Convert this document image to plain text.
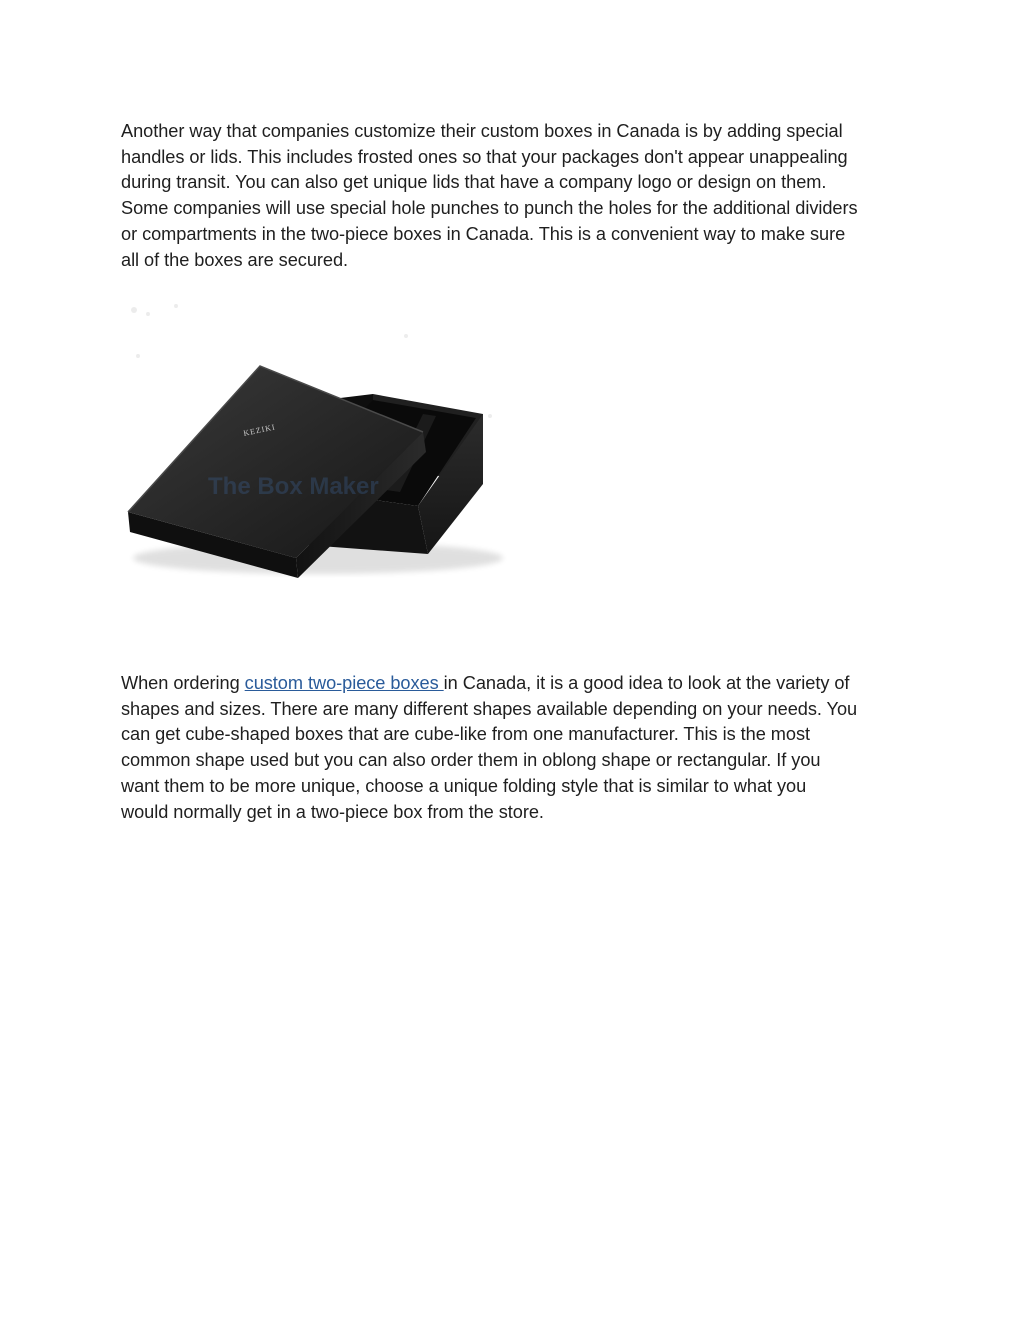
Another way that companies customize their custom boxes in Canada is by adding special
handles or lids. This includes frosted ones so that your packages don't appear unappealing
during transit. You can also get unique lids that have a company logo or design on them.
Some companies will use special hole punches to punch the holes for the additional dividers
or compartments in the two-piece boxes in Canada. This is a convenient way to make sure
all of the boxes are secured.
KEZIKI
The Box Maker
When ordering custom two-piece boxes in Canada, it is a good idea to look at the variety of
shapes and sizes. There are many different shapes available depending on your needs. You
can get cube-shaped boxes that are cube-like from one manufacturer. This is the most
common shape used but you can also order them in oblong shape or rectangular. If you
want them to be more unique, choose a unique folding style that is similar to what you
would normally get in a two-piece box from the store.
